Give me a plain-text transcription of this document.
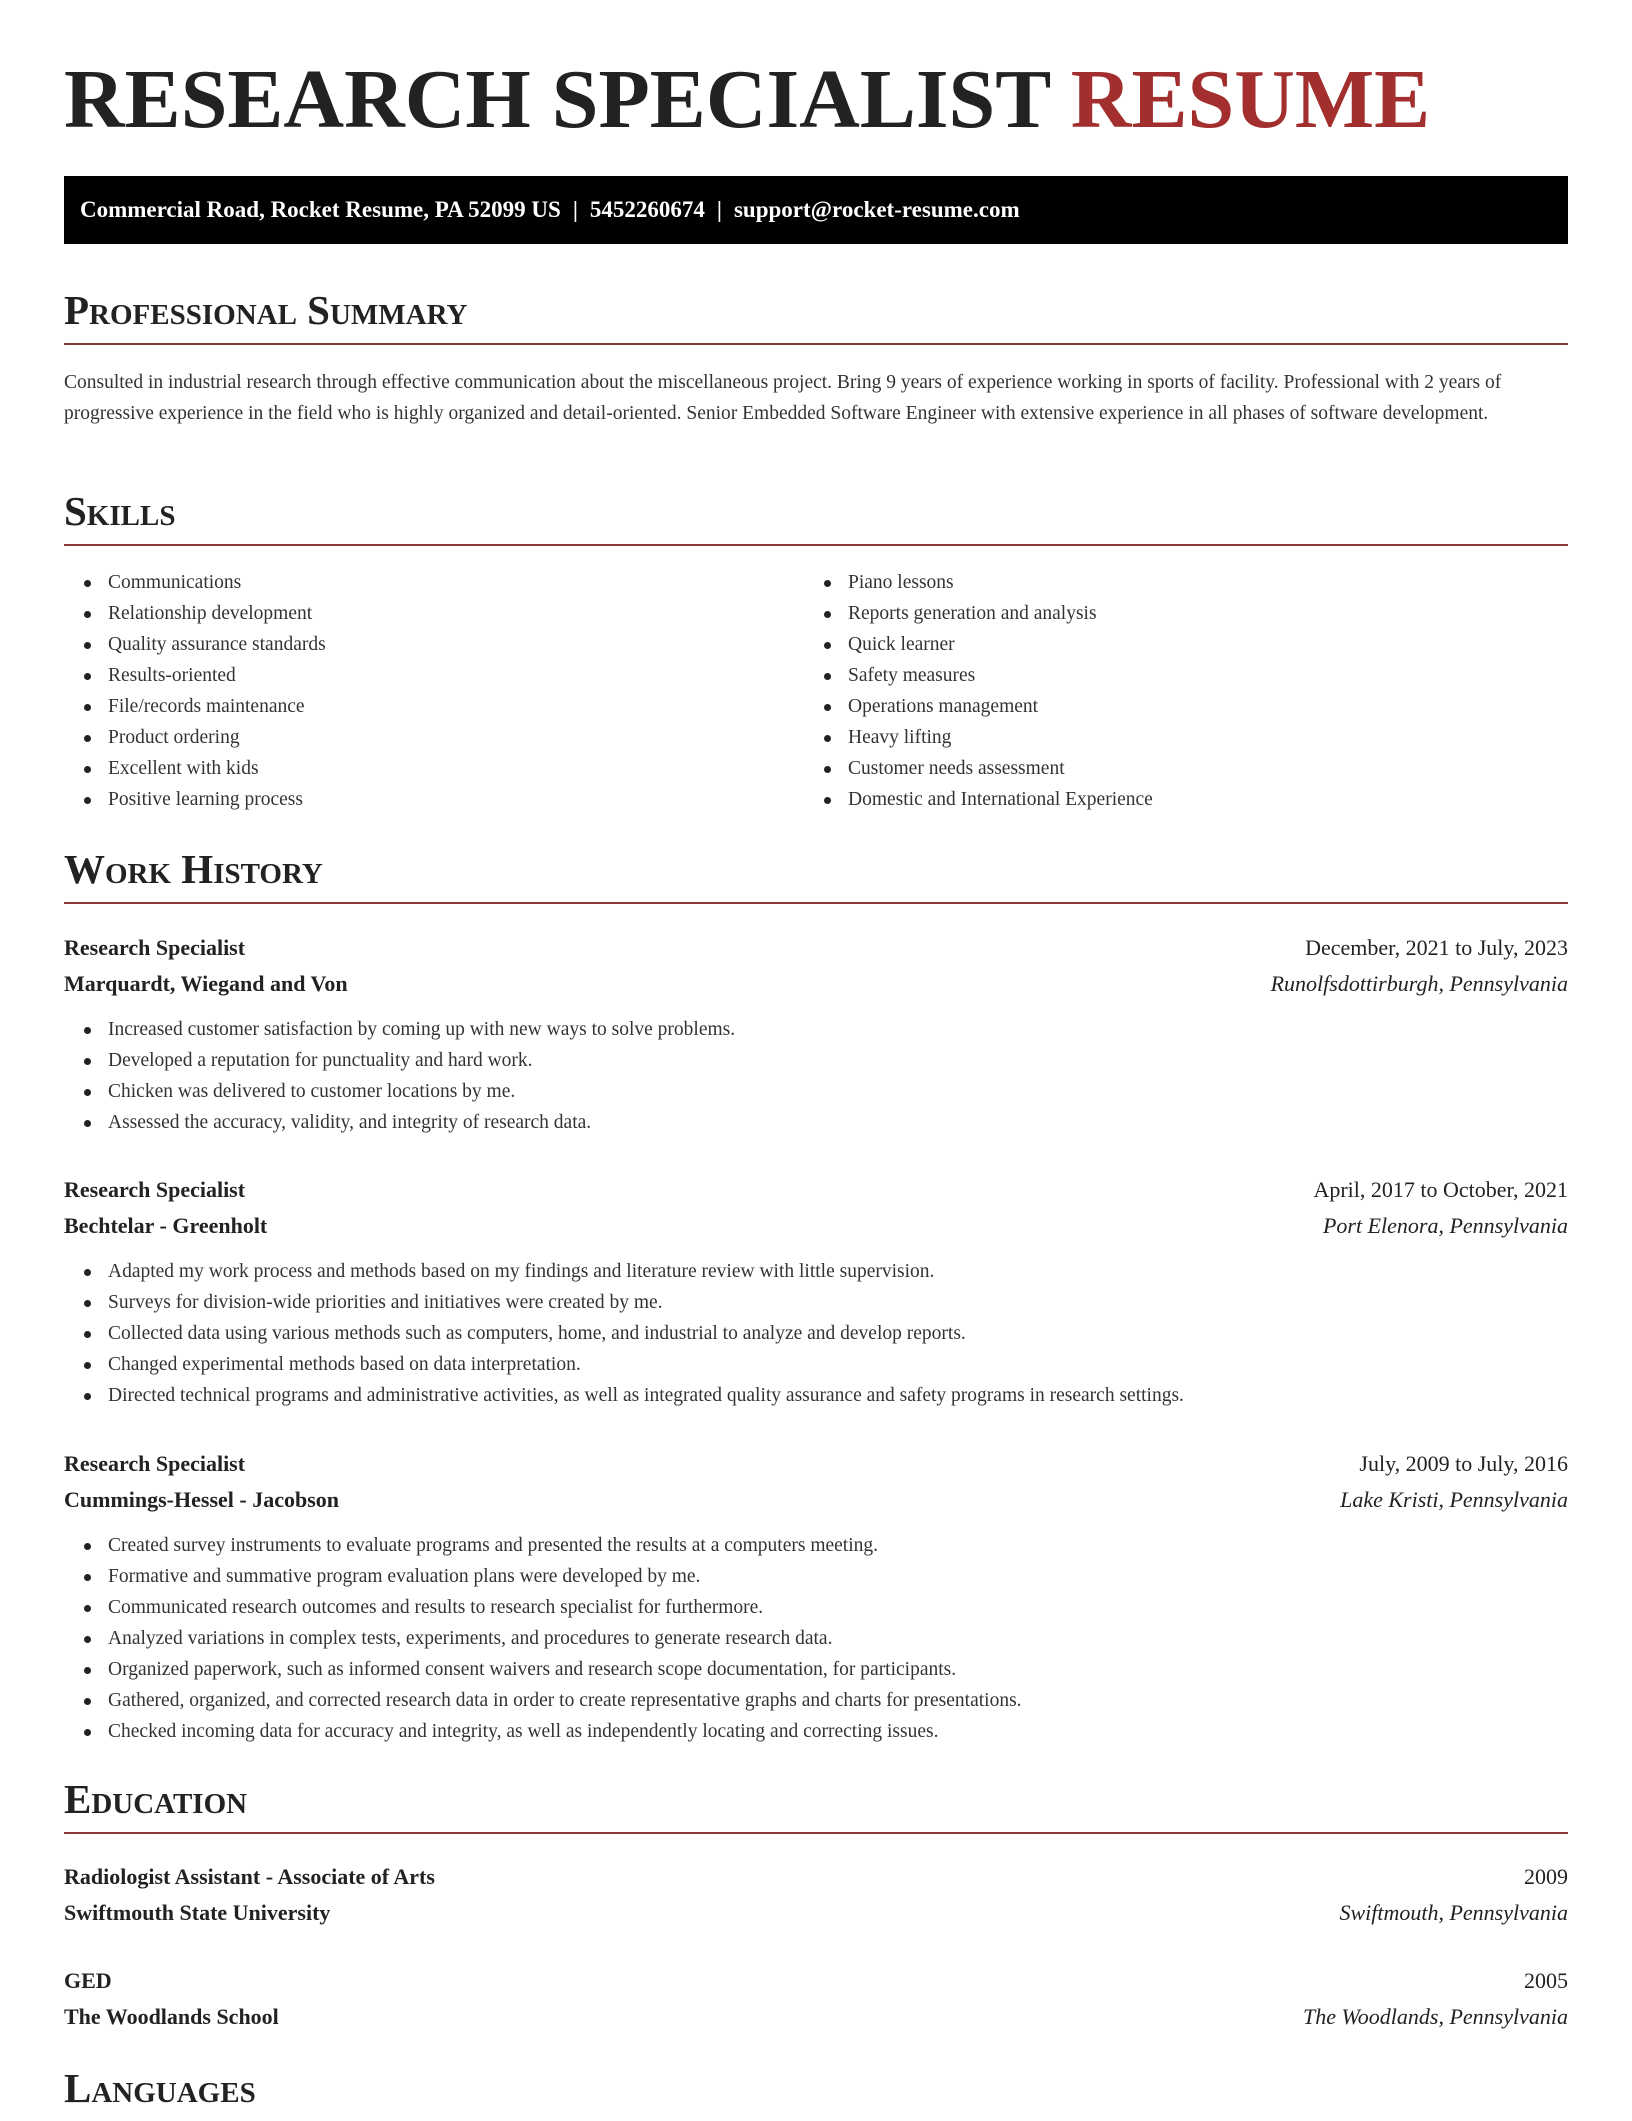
RESEARCH SPECIALIST RESUME
Commercial Road, Rocket Resume, PA 52099 US | 5452260674 | support@rocket-resume.com
Professional Summary

Consulted in industrial research through effective communication about the miscellaneous project. Bring 9 years of experience working in sports of facility. Professional with 2 years of progressive experience in the field who is highly organized and detail-oriented. Senior Embedded Software Engineer with extensive experience in all phases of software development.

Skills
Communications
Relationship development
Quality assurance standards
Results-oriented
File/records maintenance
Product ordering
Excellent with kids
Positive learning process
Piano lessons
Reports generation and analysis
Quick learner
Safety measures
Operations management
Heavy lifting
Customer needs assessment
Domestic and International Experience
Work History
Research Specialist	December, 2021 to July, 2023
Marquardt, Wiegand and Von	Runolfsdottirburgh, Pennsylvania
Increased customer satisfaction by coming up with new ways to solve problems.
Developed a reputation for punctuality and hard work.
Chicken was delivered to customer locations by me.
Assessed the accuracy, validity, and integrity of research data.
Research Specialist	April, 2017 to October, 2021
Bechtelar - Greenholt	Port Elenora, Pennsylvania
Adapted my work process and methods based on my findings and literature review with little supervision.
Surveys for division-wide priorities and initiatives were created by me.
Collected data using various methods such as computers, home, and industrial to analyze and develop reports.
Changed experimental methods based on data interpretation.
Directed technical programs and administrative activities, as well as integrated quality assurance and safety programs in research settings.
Research Specialist	July, 2009 to July, 2016
Cummings-Hessel - Jacobson	Lake Kristi, Pennsylvania
Created survey instruments to evaluate programs and presented the results at a computers meeting.
Formative and summative program evaluation plans were developed by me.
Communicated research outcomes and results to research specialist for furthermore.
Analyzed variations in complex tests, experiments, and procedures to generate research data.
Organized paperwork, such as informed consent waivers and research scope documentation, for participants.
Gathered, organized, and corrected research data in order to create representative graphs and charts for presentations.
Checked incoming data for accuracy and integrity, as well as independently locating and correcting issues.
Education
Radiologist Assistant - Associate of Arts	2009
Swiftmouth State University	Swiftmouth, Pennsylvania
GED	2005
The Woodlands School	The Woodlands, Pennsylvania
Languages
